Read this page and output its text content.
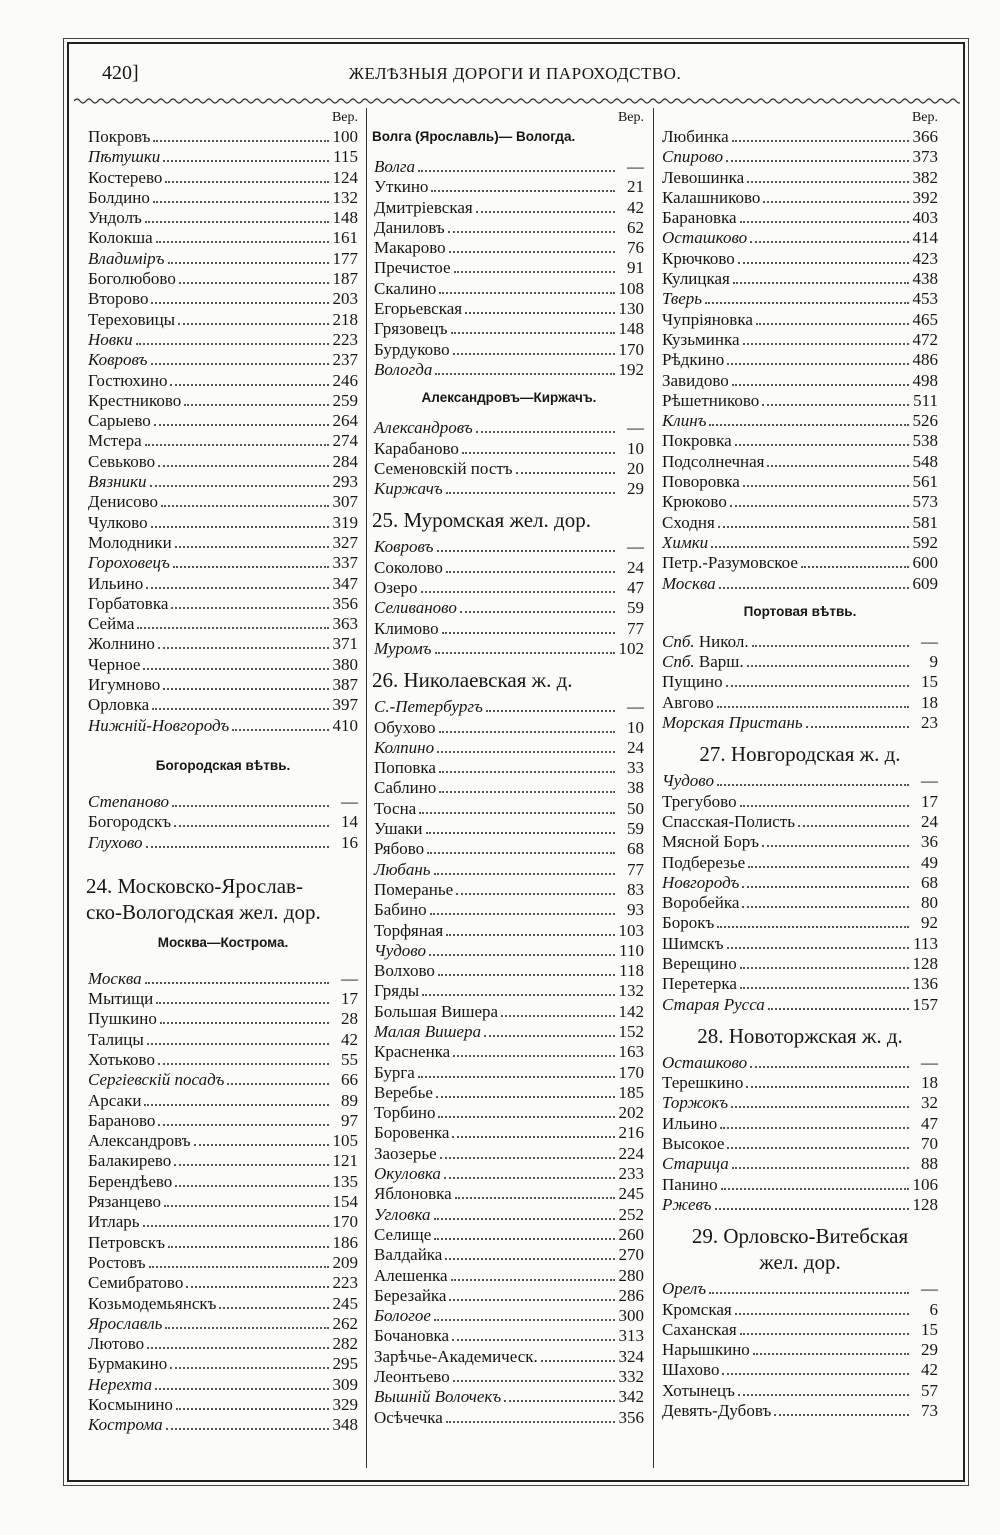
420]	ЖЕЛѢЗНЫЯ ДОРОГИ И ПАРОХОДСТВО.
Вер.
Покровъ	100
Пѣтушки	115
Костерево	124
Болдино	132
Ундолъ	148
Колокша	161
Владиміръ	177
Боголюбово	187
Второво	203
Тереховицы	218
Новки	223
Ковровъ	237
Гостюхино	246
Крестниково	259
Сарыево	264
Мстера	274
Севьково	284
Вязники	293
Денисово	307
Чулково	319
Молодники	327
Гороховецъ	337
Ильино	347
Горбатовка	356
Сейма	363
Жолнино	371
Черное	380
Игумново	387
Орловка	397
Нижній-Новгородъ	410
Богородская вѣтвь.
Степаново	—
Богородскъ	14
Глухово	16
24. Московско-Ярослав-
ско-Вологодская жел. дор.
Москва—Кострома.
Москва	—
Мытищи	17
Пушкино	28
Талицы	42
Хотьково	55
Сергіевскій посадъ	66
Арсаки	89
Бараново	97
Александровъ	105
Балакирево	121
Берендѣево	135
Рязанцево	154
Итларь	170
Петровскъ	186
Ростовъ	209
Семибратово	223
Козьмодемьянскъ	245
Ярославль	262
Лютово	282
Бурмакино	295
Нерехта	309
Космынино	329
Кострома	348
Вер.
Волга (Ярославль)— Вологда.
Волга	—
Уткино	21
Дмитріевская	42
Даниловъ	62
Макарово	76
Пречистое	91
Скалино	108
Егорьевская	130
Грязовецъ	148
Бурдуково	170
Вологда	192
Александровъ—Киржачъ.
Александровъ	—
Карабаново	10
Семеновскій постъ	20
Киржачъ	29
25. Муромская жел. дор.
Ковровъ	—
Соколово	24
Озеро	47
Селиваново	59
Климово	77
Муромъ	102
26. Николаевская ж. д.
С.-Петербургъ	—
Обухово	10
Колпино	24
Поповка	33
Саблино	38
Тосна	50
Ушаки	59
Рябово	68
Любань	77
Померанье	83
Бабино	93
Торфяная	103
Чудово	110
Волхово	118
Гряды	132
Большая Вишера	142
Малая Вишера	152
Красненка	163
Бурга	170
Веребье	185
Торбино	202
Боровенка	216
Заозерье	224
Окуловка	233
Яблоновка	245
Угловка	252
Селище	260
Валдайка	270
Алешенка	280
Березайка	286
Бологое	300
Бочановка	313
Зарѣчье-Академическ.	324
Леонтьево	332
Вышній Волочекъ	342
Осѣчечка	356
Вер.
Любинка	366
Спирово	373
Левошинка	382
Калашниково	392
Барановка	403
Осташково	414
Крючково	423
Кулицкая	438
Тверь	453
Чупріяновка	465
Кузьминка	472
Рѣдкино	486
Завидово	498
Рѣшетниково	511
Клинъ	526
Покровка	538
Подсолнечная	548
Поворовка	561
Крюково	573
Сходня	581
Химки	592
Петр.-Разумовское	600
Москва	609
Портовая вѣтвь.
Спб. Никол.	—
Спб. Варш.	9
Пущино	15
Авгово	18
Морская Пристань	23
27. Новгородская ж. д.
Чудово	—
Трегубово	17
Спасская-Полисть	24
Мясной Боръ	36
Подберезье	49
Новгородъ	68
Воробейка	80
Борокъ	92
Шимскъ	113
Верещино	128
Перетерка	136
Старая Русса	157
28. Новоторжская ж. д.
Осташково	—
Терешкино	18
Торжокъ	32
Ильино	47
Высокое	70
Старица	88
Панино	106
Ржевъ	128
29. Орловско-Витебская
жел. дор.
Орелъ	—
Кромская	6
Саханская	15
Нарышкино	29
Шахово	42
Хотынецъ	57
Девять-Дубовъ	73
